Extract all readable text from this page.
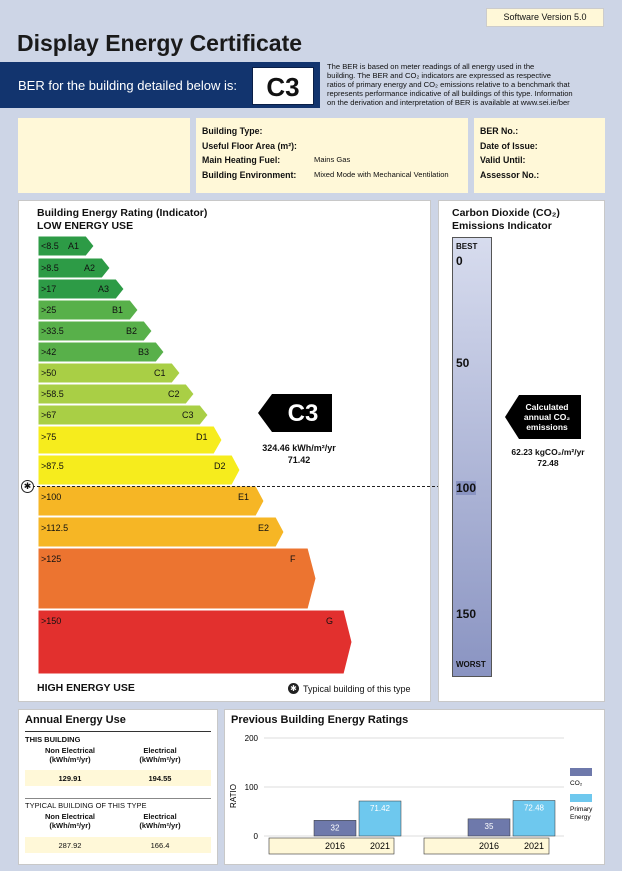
Software Version 5.0
Display Energy Certificate
BER for the building detailed below is:	C3
The BER is based on meter readings of all energy used in the
building. The BER and CO₂ indicators are expressed as respective
ratios of primary energy and CO₂ emissions relative to a benchmark that
represents performance indicative of all buildings of this type. Information
on the derivation and interpretation of BER is available at www.sei.ie/ber
Building Type:
Useful Floor Area (m²):
Main Heating Fuel:	Mains Gas
Building Environment: Mixed Mode with Mechanical Ventilation
BER No.:
Date of Issue:
Valid Until:
Assessor No.:
Building Energy Rating (Indicator)
LOW ENERGY USE
HIGH ENERGY USE
<8.5 A1
>8.5	A2
>17	A3
>25	B1
>33.5	B2
>42	B3
>50	C1
>58.5	C2
>67	C3
>75	D1
>87.5	D2
>100	E1
>112.5	E2
>125	F
>150	G
C3
324.46 kWh/m²/yr
71.42
✱
✱ Typical building of this type
Carbon Dioxide (CO₂)
Emissions Indicator
BEST
0
50
100
150
WORST
Calculated
annual CO₂
emissions
62.23 kgCO₂/m²/yr
72.48
Annual Energy Use
THIS BUILDING
Non Electrical
(kWh/m²/yr)
Electrical
(kWh/m²/yr)
129.91	194.55
TYPICAL BUILDING OF THIS TYPE
Non Electrical
(kWh/m²/yr)
Electrical
(kWh/m²/yr)
287.92	166.4
Previous Building Energy Ratings
0
100
200
RATIO
32
2016
71.42
2021
35
2016
72.48
2021
CO₂
Primary
Energy
